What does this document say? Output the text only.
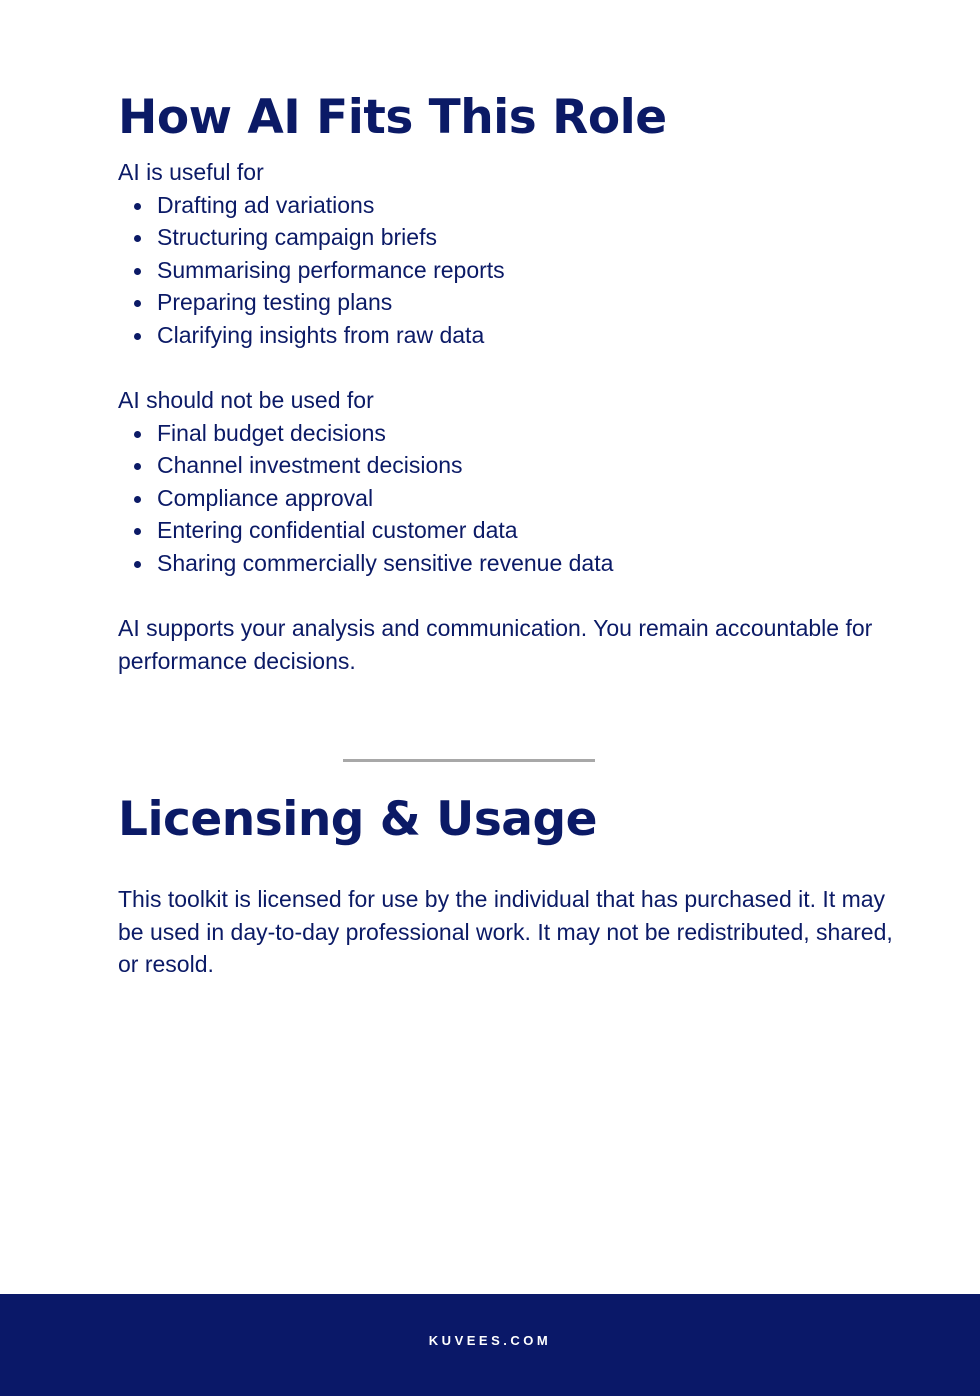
How AI Fits This Role

AI is useful for

Drafting ad variations
Structuring campaign briefs
Summarising performance reports
Preparing testing plans
Clarifying insights from raw data

AI should not be used for

Final budget decisions
Channel investment decisions
Compliance approval
Entering confidential customer data
Sharing commercially sensitive revenue data

AI supports your analysis and communication. You remain accountable for performance decisions.

Licensing & Usage

This toolkit is licensed for use by the individual that has purchased it. It may be used in day-to-day professional work. It may not be redistributed, shared, or resold.

KUVEES.COM
